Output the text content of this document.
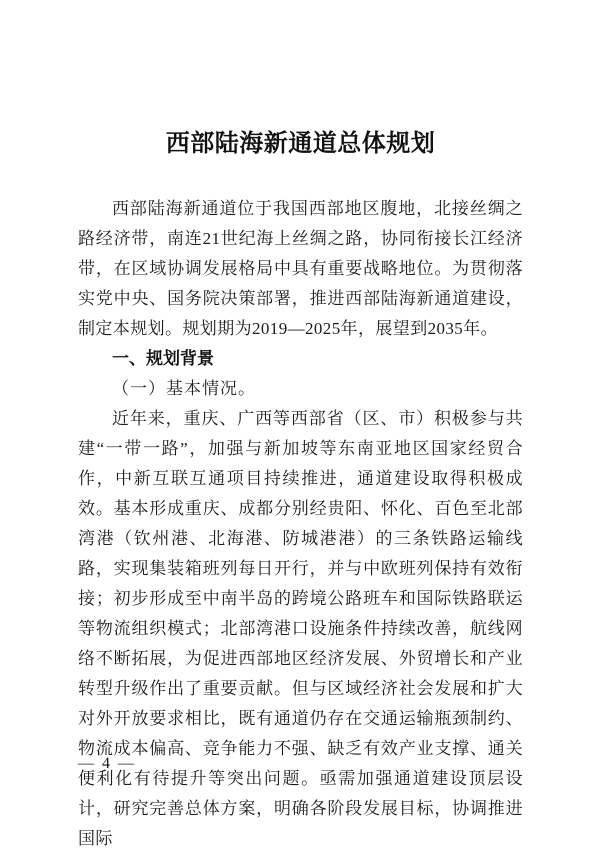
西部陆海新通道总体规划

西部陆海新通道位于我国西部地区腹地，北接丝绸之路经济带，南连21世纪海上丝绸之路，协同衔接长江经济带，在区域协调发展格局中具有重要战略地位。为贯彻落实党中央、国务院决策部署，推进西部陆海新通道建设，制定本规划。规划期为2019—2025年，展望到2035年。

一、规划背景
（一）基本情况。

近年来，重庆、广西等西部省（区、市）积极参与共建“一带一路”，加强与新加坡等东南亚地区国家经贸合作，中新互联互通项目持续推进，通道建设取得积极成效。基本形成重庆、成都分别经贵阳、怀化、百色至北部湾港（钦州港、北海港、防城港港）的三条铁路运输线路，实现集装箱班列每日开行，并与中欧班列保持有效衔接；初步形成至中南半岛的跨境公路班车和国际铁路联运等物流组织模式；北部湾港口设施条件持续改善，航线网络不断拓展，为促进西部地区经济发展、外贸增长和产业转型升级作出了重要贡献。但与区域经济社会发展和扩大对外开放要求相比，既有通道仍存在交通运输瓶颈制约、物流成本偏高、竞争能力不强、缺乏有效产业支撑、通关便利化有待提升等突出问题。亟需加强通道建设顶层设计，研究完善总体方案，明确各阶段发展目标，协调推进国际

— 4 —
